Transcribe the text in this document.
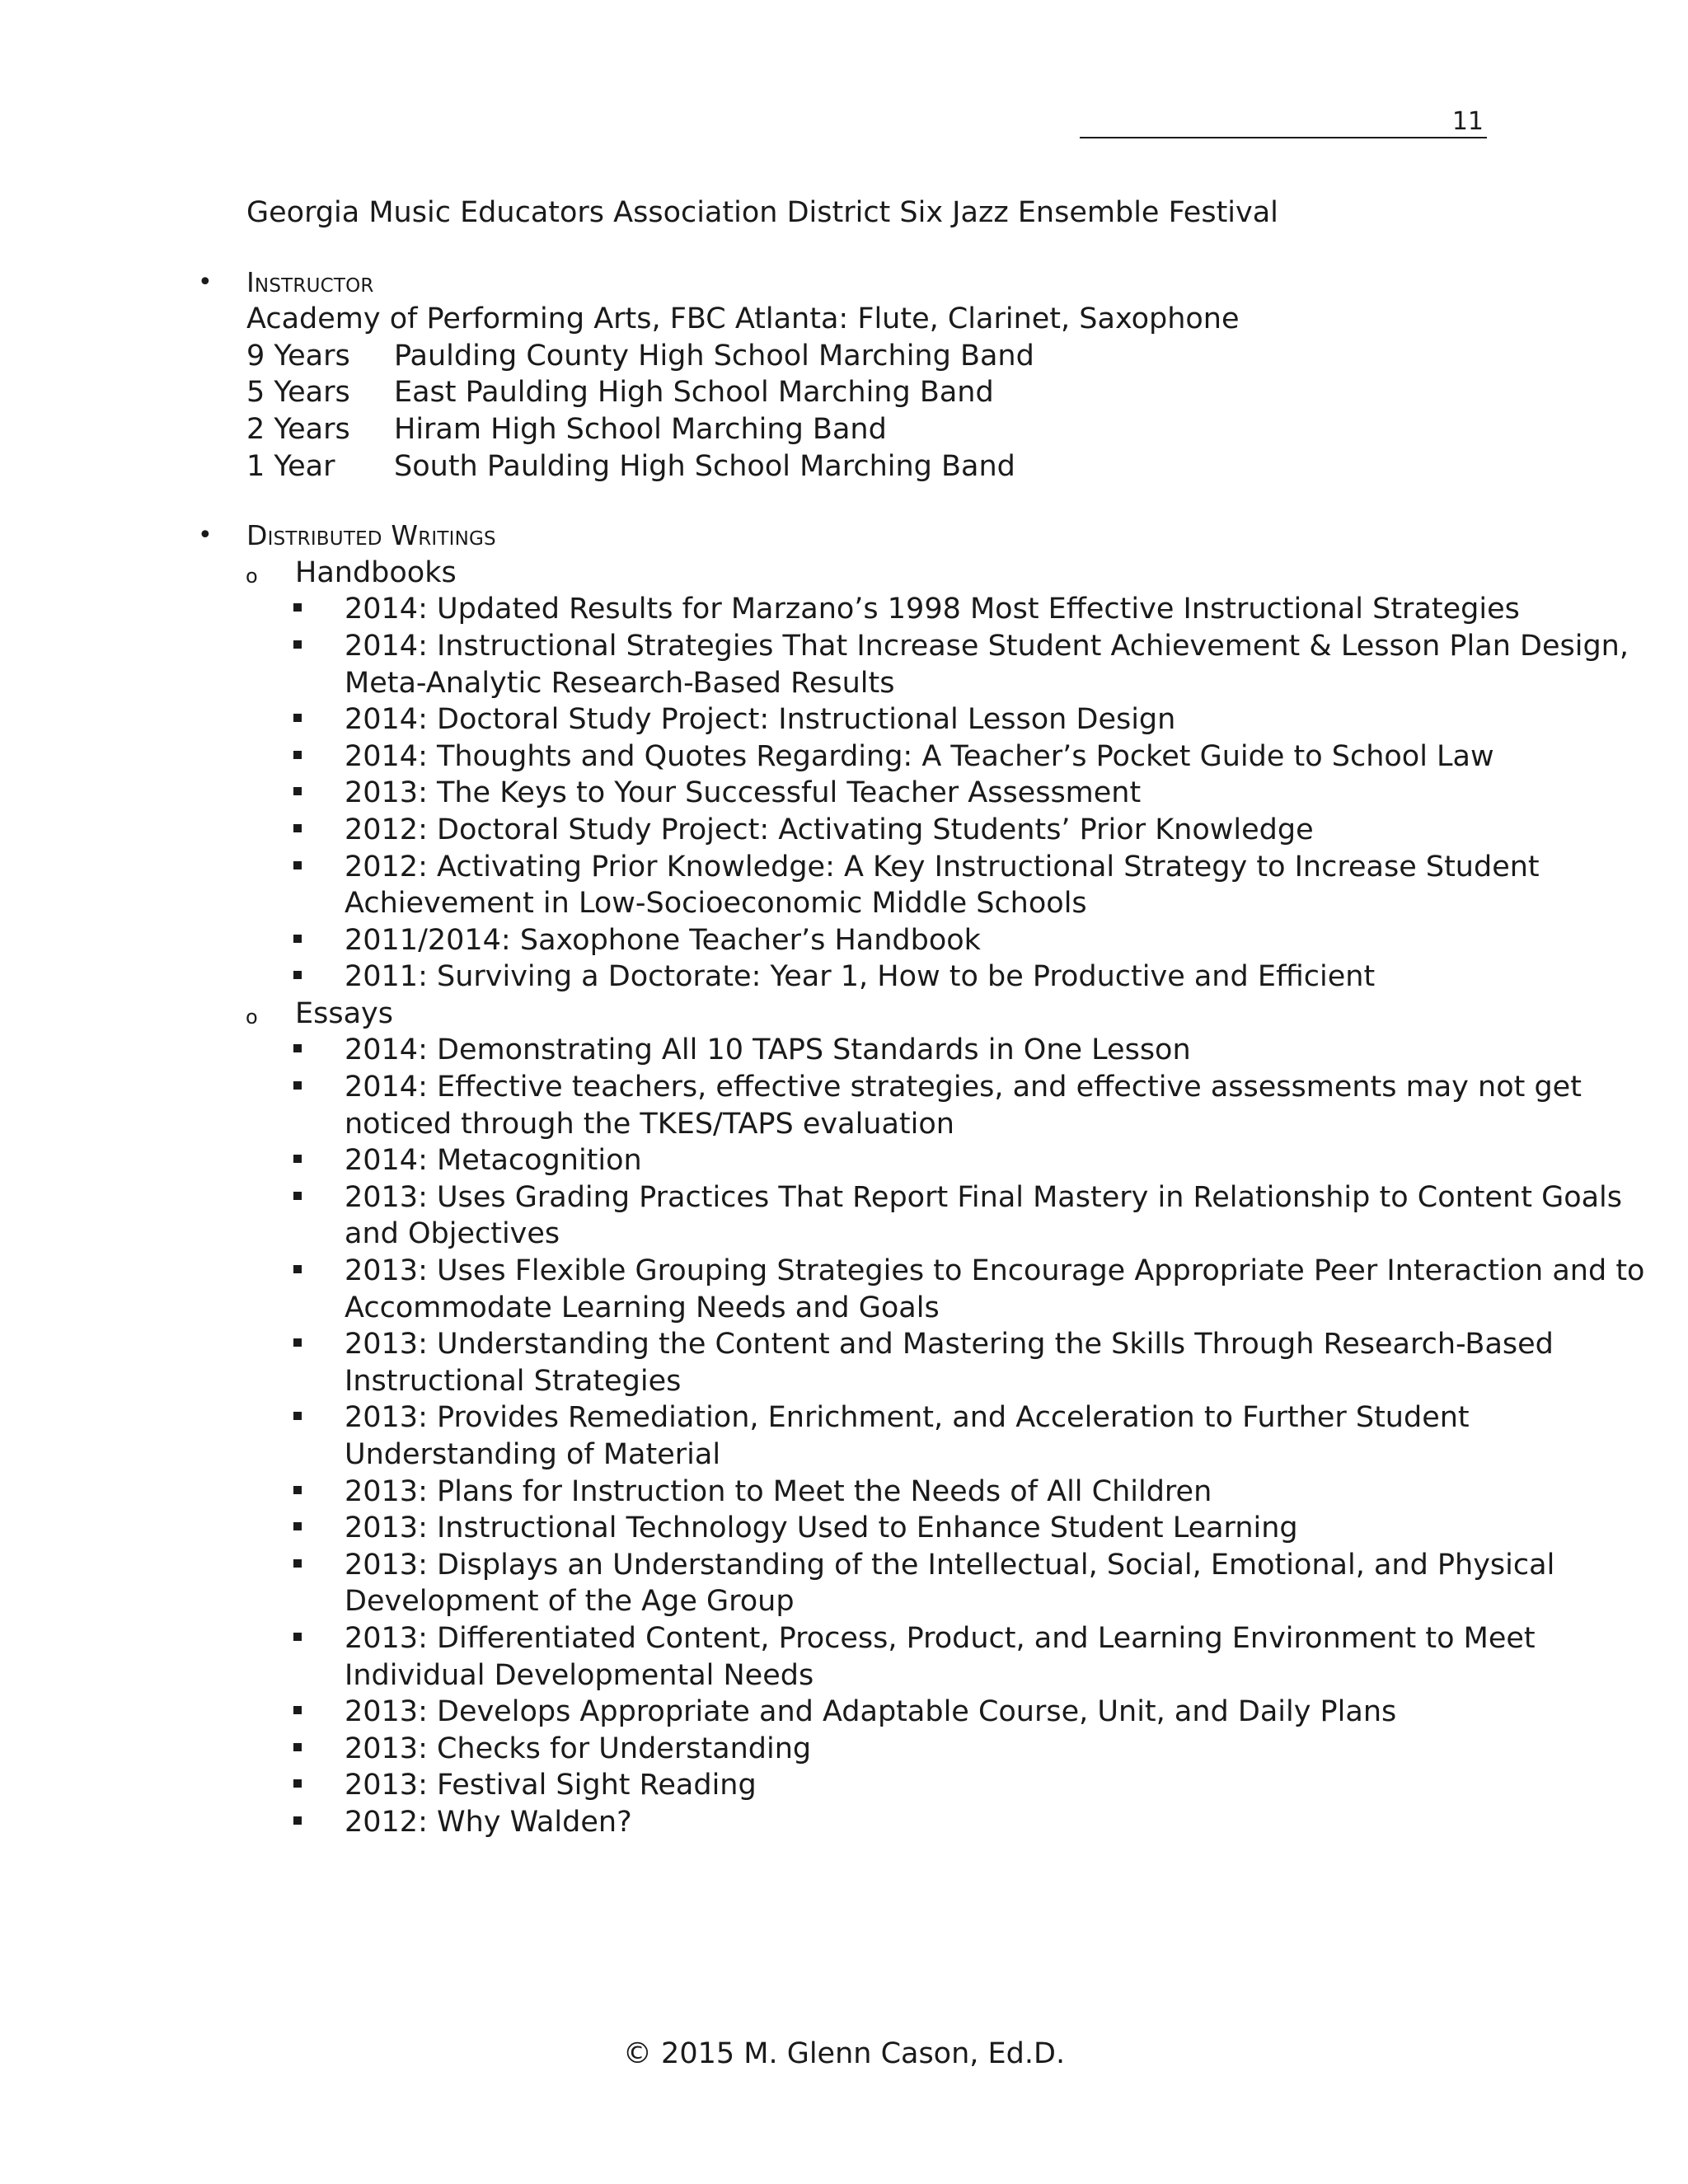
11
Georgia Music Educators Association District Six Jazz Ensemble Festival
• Instructor
Academy of Performing Arts, FBC Atlanta: Flute, Clarinet, Saxophone
9 Years Paulding County High School Marching Band
5 Years East Paulding High School Marching Band
2 Years Hiram High School Marching Band
1 Year South Paulding High School Marching Band
• Distributed Writings
o Handbooks
2014: Updated Results for Marzano’s 1998 Most Effective Instructional Strategies
2014: Instructional Strategies That Increase Student Achievement & Lesson Plan Design,
Meta-Analytic Research-Based Results
2014: Doctoral Study Project: Instructional Lesson Design
2014: Thoughts and Quotes Regarding: A Teacher’s Pocket Guide to School Law
2013: The Keys to Your Successful Teacher Assessment
2012: Doctoral Study Project: Activating Students’ Prior Knowledge
2012: Activating Prior Knowledge: A Key Instructional Strategy to Increase Student
Achievement in Low-Socioeconomic Middle Schools
2011/2014: Saxophone Teacher’s Handbook
2011: Surviving a Doctorate: Year 1, How to be Productive and Efficient
o Essays
2014: Demonstrating All 10 TAPS Standards in One Lesson
2014: Effective teachers, effective strategies, and effective assessments may not get
noticed through the TKES/TAPS evaluation
2014: Metacognition
2013: Uses Grading Practices That Report Final Mastery in Relationship to Content Goals
and Objectives
2013: Uses Flexible Grouping Strategies to Encourage Appropriate Peer Interaction and to
Accommodate Learning Needs and Goals
2013: Understanding the Content and Mastering the Skills Through Research-Based
Instructional Strategies
2013: Provides Remediation, Enrichment, and Acceleration to Further Student
Understanding of Material
2013: Plans for Instruction to Meet the Needs of All Children
2013: Instructional Technology Used to Enhance Student Learning
2013: Displays an Understanding of the Intellectual, Social, Emotional, and Physical
Development of the Age Group
2013: Differentiated Content, Process, Product, and Learning Environment to Meet
Individual Developmental Needs
2013: Develops Appropriate and Adaptable Course, Unit, and Daily Plans
2013: Checks for Understanding
2013: Festival Sight Reading
2012: Why Walden?
© 2015 M. Glenn Cason, Ed.D.
